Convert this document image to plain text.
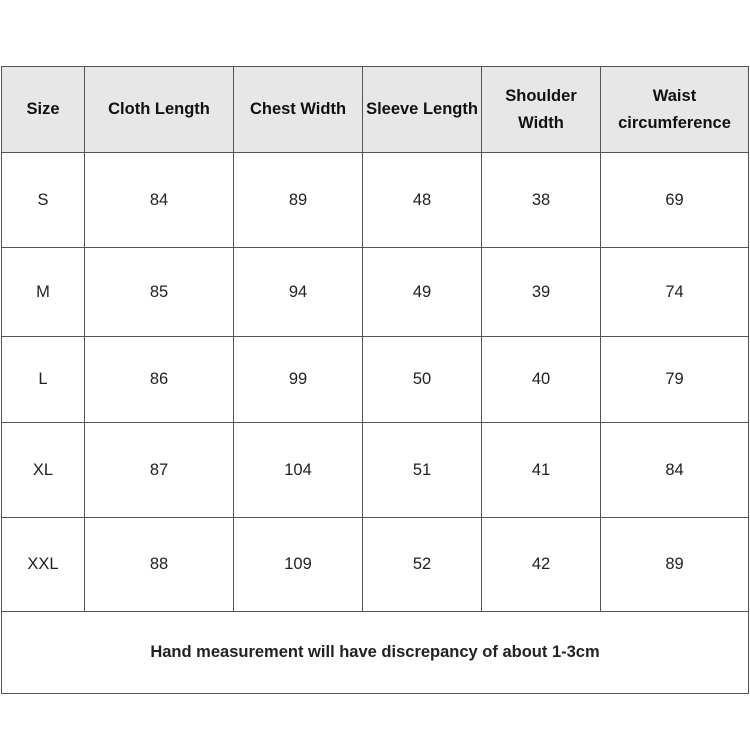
Size	Cloth Length	Chest Width	Sleeve Length	Shoulder Width	Waist circumference
S	84	89	48	38	69
M	85	94	49	39	74
L	86	99	50	40	79
XL	87	104	51	41	84
XXL	88	109	52	42	89
Hand measurement will have discrepancy of about 1-3cm					
